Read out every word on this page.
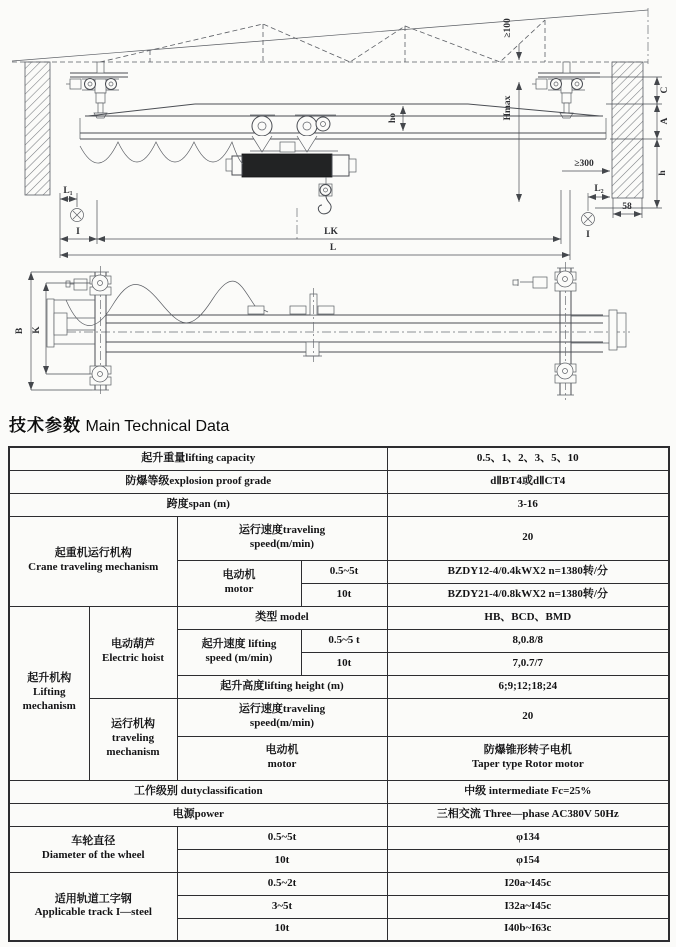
ho
≥100
Hmax
C
A
h
≥300
L₂
58
I
L₁
I	LK
L
B K
技术参数 Main Technical Data
起升重量lifting capacity				0.5、1、2、3、5、10
防爆等级explosion proof grade				dⅡBT4或dⅡCT4
跨度span (m)				3-16

起重机运行机构
Crane traveling mechanism		运行速度traveling
speed(m/min)		20

		电动机
motor	0.5~5t	BZDY12-4/0.4kWX2 n=1380转/分
			10t	BZDY21-4/0.8kWX2 n=1380转/分

起升机构
Lifting mechanism	电动葫芦
Electric hoist	类型 model		HB、BCD、BMD

		起升速度 lifting
speed (m/min)	0.5~5 t	8,0.8/8
			10t	7,0.7/7
		起升高度lifting height (m)		6;9;12;18;24

	运行机构
traveling mechanism	运行速度traveling
speed(m/min)		20

		电动机
motor		防爆锥形转子电机
Taper type Rotor motor

工作级别 dutyclassification				中级 intermediate Fc=25%
电源power				三相交流 Three—phase AC380V 50Hz

车轮直径
Diameter of the wheel		0.5~5t		φ134
		10t		φ154

适用轨道工字钢
Applicable track I—steel		0.5~2t		I20a~I45c
		3~5t		I32a~I45c
		10t		I40b~I63c
